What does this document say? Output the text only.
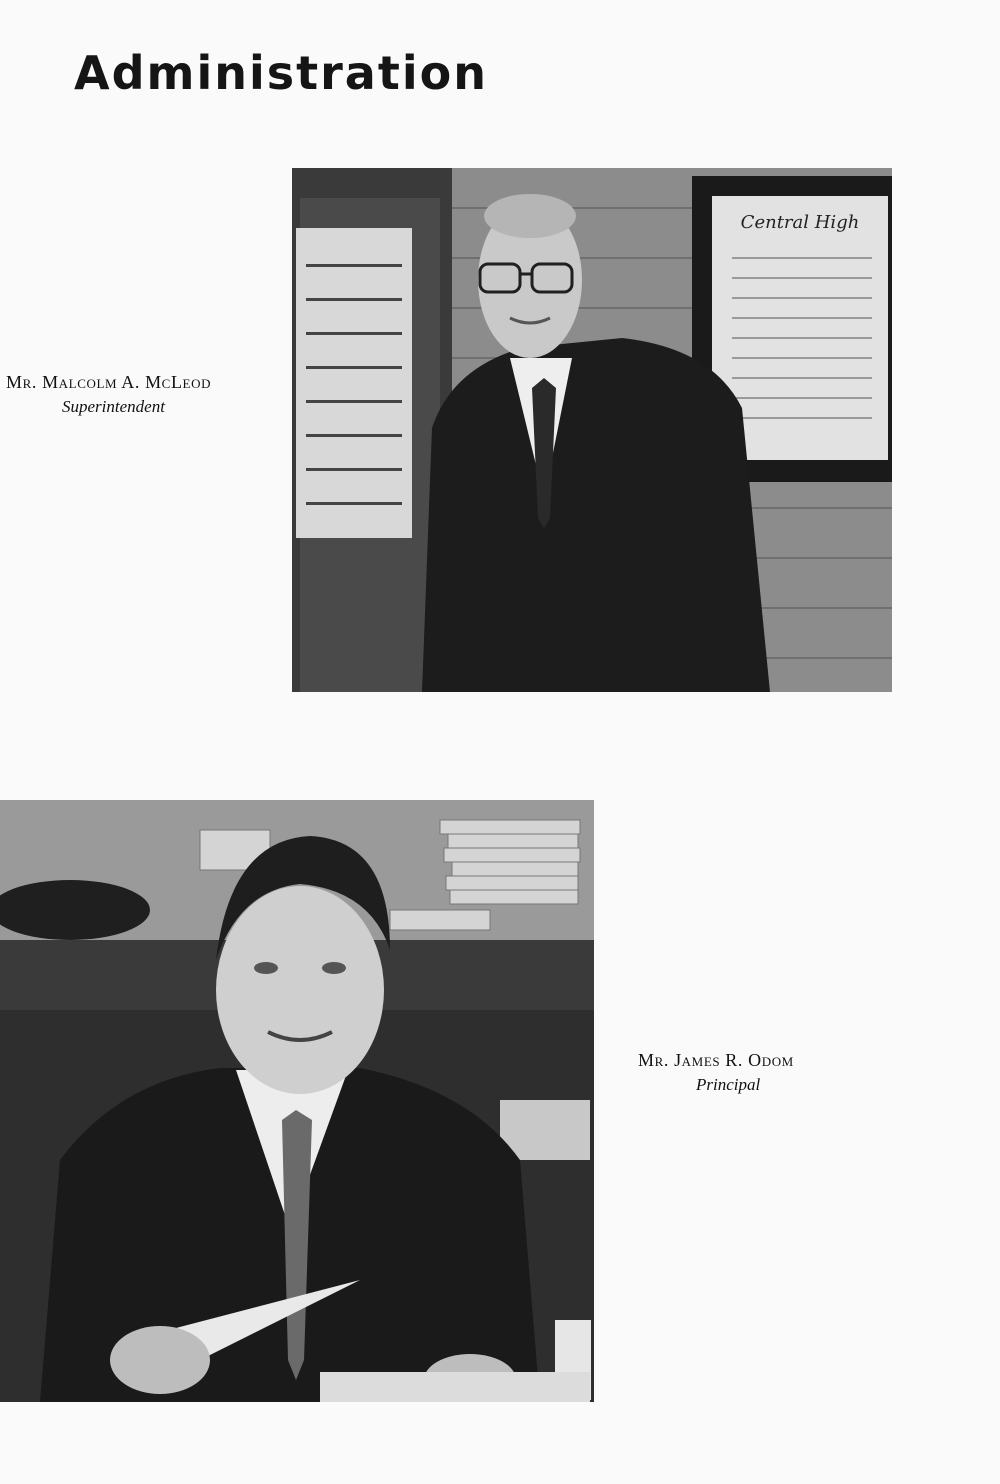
Administration
Central High
Mr. Malcolm A. McLeod
Superintendent
Mr. James R. Odom
Principal
